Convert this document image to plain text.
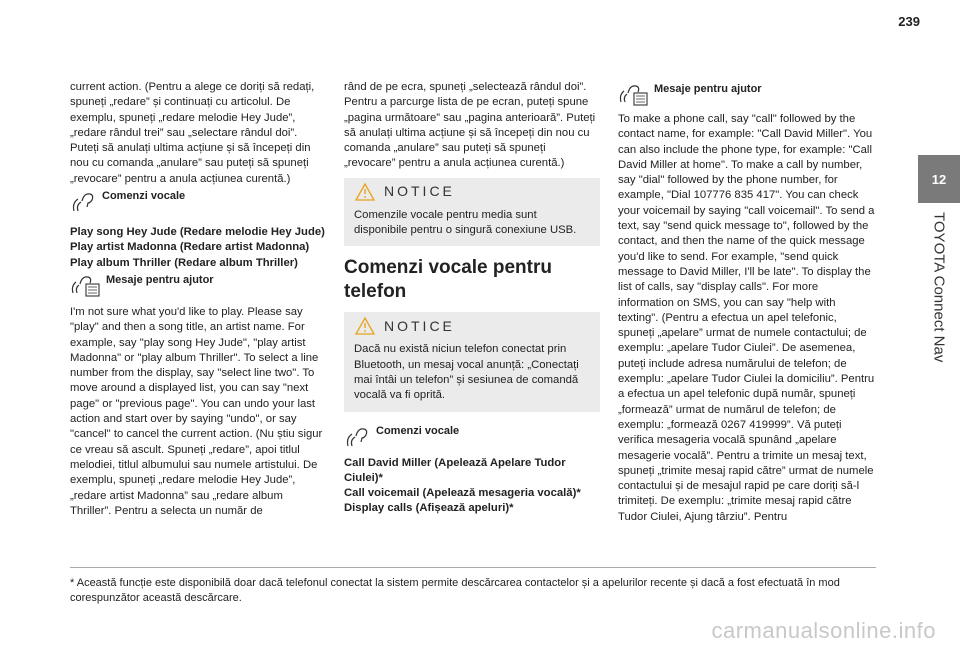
239
12
TOYOTA Connect Nav

current action. (Pentru a alege ce doriți să redați, spuneți „redare” și continuați cu articolul. De exemplu, spuneți „redare melodie Hey Jude”, „redare rândul trei” sau „selectare rândul doi”. Puteți să anulați ultima acțiune și să începeți din nou cu comanda „anulare” sau puteți să spuneți „revocare” pentru a anula acțiunea curentă.)

Comenzi vocale

Play song Hey Jude (Redare melodie Hey Jude)

Play artist Madonna (Redare artist Madonna)

Play album Thriller (Redare album Thriller)

Mesaje pentru ajutor

I'm not sure what you'd like to play. Please say "play" and then a song title, an artist name. For example, say "play song Hey Jude", "play artist Madonna" or "play album Thriller". To select a line number from the display, say "select line two". To move around a displayed list, you can say "next page" or "previous page". You can undo your last action and start over by saying "undo", or say "cancel" to cancel the current action. (Nu știu sigur ce vreau să ascult. Spuneți „redare”, apoi titlul melodiei, titlul albumului sau numele artistului. De exemplu, spuneți „redare melodie Hey Jude”, „redare artist Madonna” sau „redare album Thriller”. Pentru a selecta un număr de

rând de pe ecra, spuneți „selectează rândul doi”. Pentru a parcurge lista de pe ecran, puteți spune „pagina următoare” sau „pagina anterioară”. Puteți să anulați ultima acțiune și să începeți din nou cu comanda „anulare” sau puteți să spuneți „revocare” pentru a anula acțiunea curentă.)

NOTICE

Comenzile vocale pentru media sunt disponibile pentru o singură conexiune USB.

Comenzi vocale pentru telefon
NOTICE

Dacă nu există niciun telefon conectat prin Bluetooth, un mesaj vocal anunță: „Conectați mai întâi un telefon” și sesiunea de comandă vocală va fi oprită.

Comenzi vocale

Call David Miller (Apelează Apelare Tudor Ciulei)*

Call voicemail (Apelează mesageria vocală)*

Display calls (Afișează apeluri)*

Mesaje pentru ajutor

To make a phone call, say "call" followed by the contact name, for example: "Call David Miller". You can also include the phone type, for example: "Call David Miller at home". To make a call by number, say "dial" followed by the phone number, for example, "Dial 107776 835 417". You can check your voicemail by saying "call voicemail". To send a text, say "send quick message to", followed by the contact, and then the name of the quick message you'd like to send. For example, "send quick message to David Miller, I'll be late". To display the list of calls, say "display calls". For more information on SMS, you can say "help with texting". (Pentru a efectua un apel telefonic, spuneți „apelare” urmat de numele contactului; de exemplu: „apelare Tudor Ciulei”. De asemenea, puteți include adresa numărului de telefon; de exemplu: „apelare Tudor Ciulei la domiciliu”. Pentru a efectua un apel telefonic după număr, spuneți „formează” urmat de numărul de telefon; de exemplu: „formează 0267 419999”. Vă puteți verifica mesageria vocală spunând „apelare mesagerie vocală”. Pentru a trimite un mesaj text, spuneți „trimite mesaj rapid către” urmat de numele contactului și de mesajul rapid pe care doriți să-l trimiteți. De exemplu: „trimite mesaj rapid către Tudor Ciulei, Ajung târziu”. Pentru

* Această funcție este disponibilă doar dacă telefonul conectat la sistem permite descărcarea contactelor și a apelurilor recente și dacă a fost efectuată în mod corespunzător această descărcare.
carmanualsonline.info
